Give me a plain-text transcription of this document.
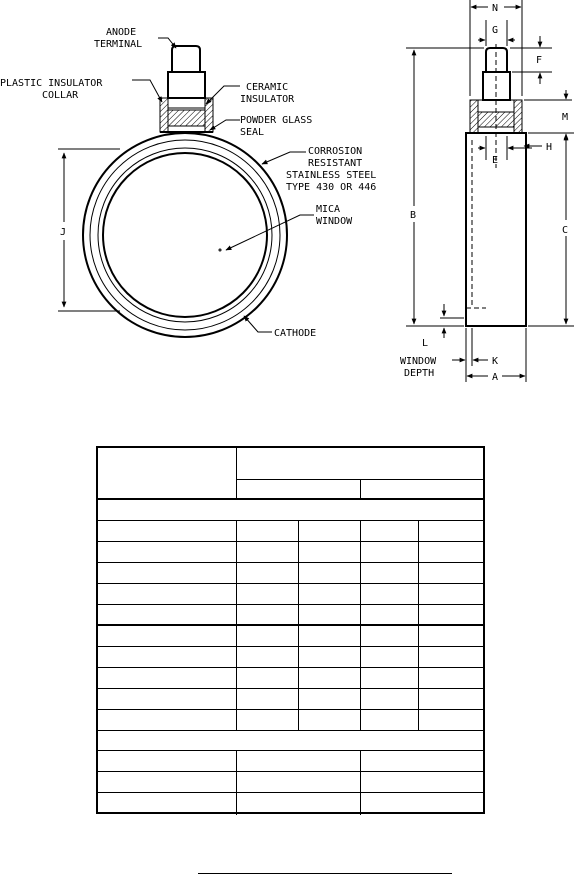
ANODE
TERMINAL
PLASTIC INSULATOR
COLLAR
CERAMIC
INSULATOR
POWDER GLASS
SEAL
CORROSION
RESISTANT
STAINLESS STEEL
TYPE 430 OR 446
MICA
WINDOW
CATHODE
J
N
G
F
M
E
H
B
C
L
K
WINDOW
DEPTH	A
